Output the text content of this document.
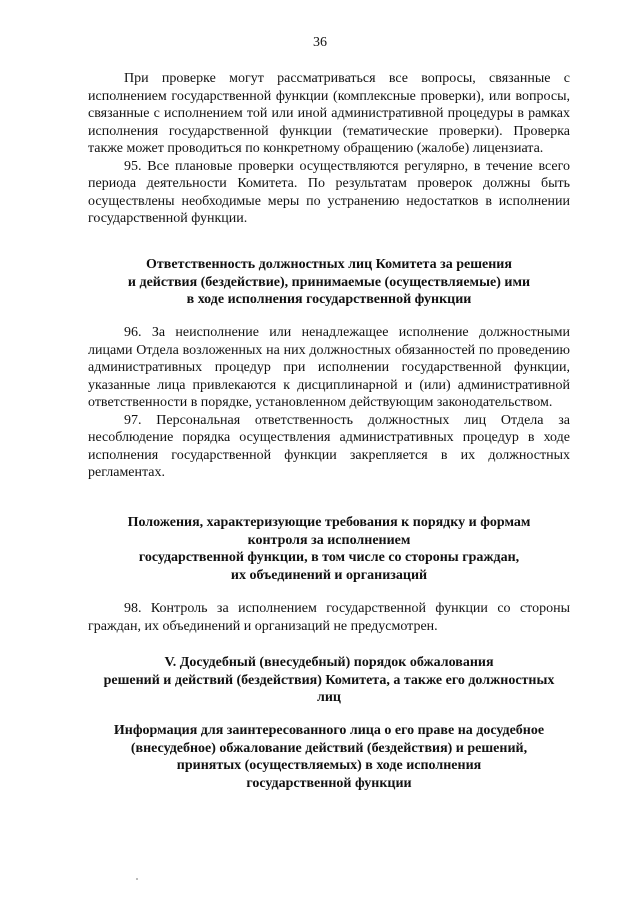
36

При проверке могут рассматриваться все вопросы, связанные с исполнением государственной функции (комплексные проверки), или вопросы, связанные с исполнением той или иной административной процедуры в рамках исполнения государственной функции (тематические проверки). Проверка также может проводиться по конкретному обращению (жалобе) лицензиата.

95. Все плановые проверки осуществляются регулярно, в течение всего периода деятельности Комитета. По результатам проверок должны быть осуществлены необходимые меры по устранению недостатков в исполнении государственной функции.

Ответственность должностных лиц Комитета за решения
и действия (бездействие), принимаемые (осуществляемые) ими
в ходе исполнения государственной функции

96. За неисполнение или ненадлежащее исполнение должностными лицами Отдела возложенных на них должностных обязанностей по проведению административных процедур при исполнении государственной функции, указанные лица привлекаются к дисциплинарной и (или) административной ответственности в порядке, установленном действующим законодательством.

97. Персональная ответственность должностных лиц Отдела за несоблюдение порядка осуществления административных процедур в ходе исполнения государственной функции закрепляется в их должностных регламентах.

Положения, характеризующие требования к порядку и формам
контроля за исполнением
государственной функции, в том числе со стороны граждан,
их объединений и организаций

98. Контроль за исполнением государственной функции со стороны граждан, их объединений и организаций не предусмотрен.

V. Досудебный (внесудебный) порядок обжалования
решений и действий (бездействия) Комитета, а также его должностных
лиц
Информация для заинтересованного лица о его праве на досудебное
(внесудебное) обжалование действий (бездействия) и решений,
принятых (осуществляемых) в ходе исполнения
государственной функции
